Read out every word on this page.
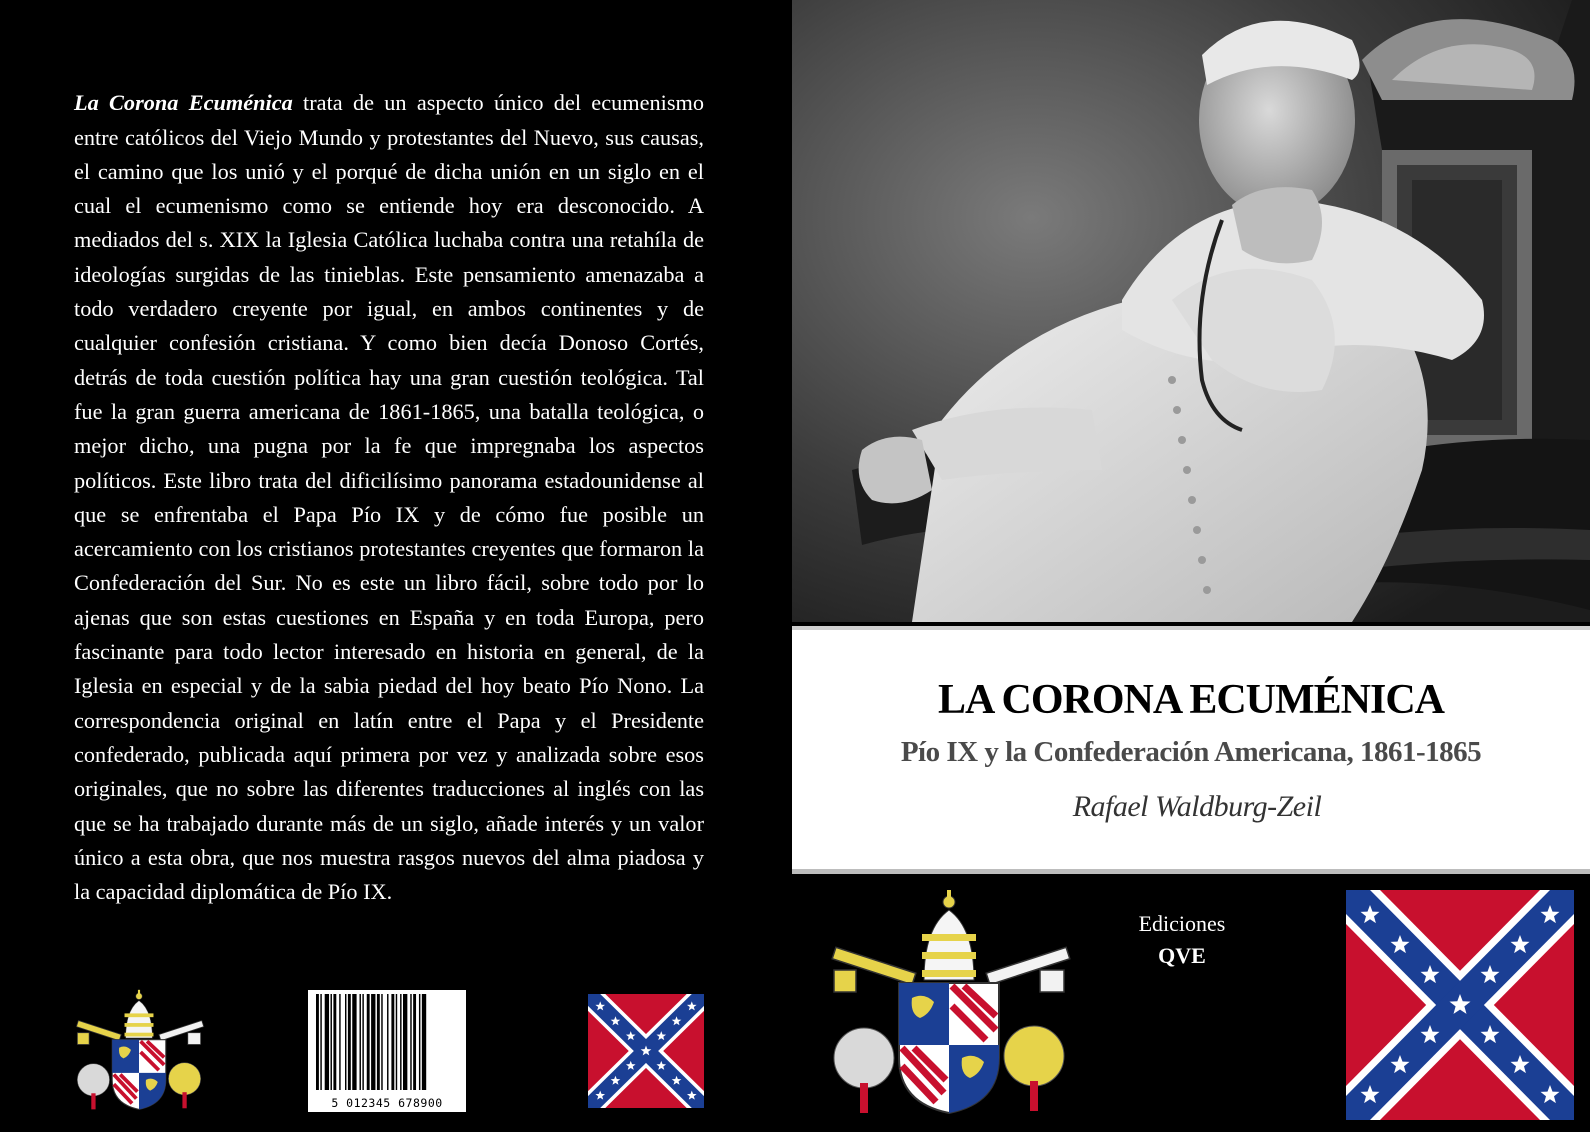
La Corona Ecuménica trata de un aspecto único del ecumenismo entre católicos del Viejo Mundo y protestantes del Nuevo, sus causas, el camino que los unió y el porqué de dicha unión en un siglo en el cual el ecumenismo como se entiende hoy era desconocido. A mediados del s. XIX la Iglesia Católica luchaba contra una retahíla de ideologías surgidas de las tinieblas. Este pensamiento amenazaba a todo verdadero creyente por igual, en ambos continentes y de cualquier confesión cristiana. Y como bien decía Donoso Cortés, detrás de toda cuestión política hay una gran cuestión teológica. Tal fue la gran guerra americana de 1861-1865, una batalla teológica, o mejor dicho, una pugna por la fe que impregnaba los aspectos políticos. Este libro trata del dificilísimo panorama estadounidense al que se enfrentaba el Papa Pío IX y de cómo fue posible un acercamiento con los cristianos protestantes creyentes que formaron la Confederación del Sur. No es este un libro fácil, sobre todo por lo ajenas que son estas cuestiones en España y en toda Europa, pero fascinante para todo lector interesado en historia en general, de la Iglesia en especial y de la sabia piedad del hoy beato Pío Nono. La correspondencia original en latín entre el Papa y el Presidente confederado, publicada aquí primera por vez y analizada sobre esos originales, que no sobre las diferentes traducciones al inglés con las que se ha trabajado durante más de un siglo, añade interés y un valor único a esta obra, que nos muestra rasgos nuevos del alma piadosa y la capacidad diplomática de Pío IX.

5 012345 678900
LA CORONA ECUMÉNICA
Pío IX y la Confederación Americana, 1861-1865

Rafael Waldburg-Zeil

Ediciones
QVE
